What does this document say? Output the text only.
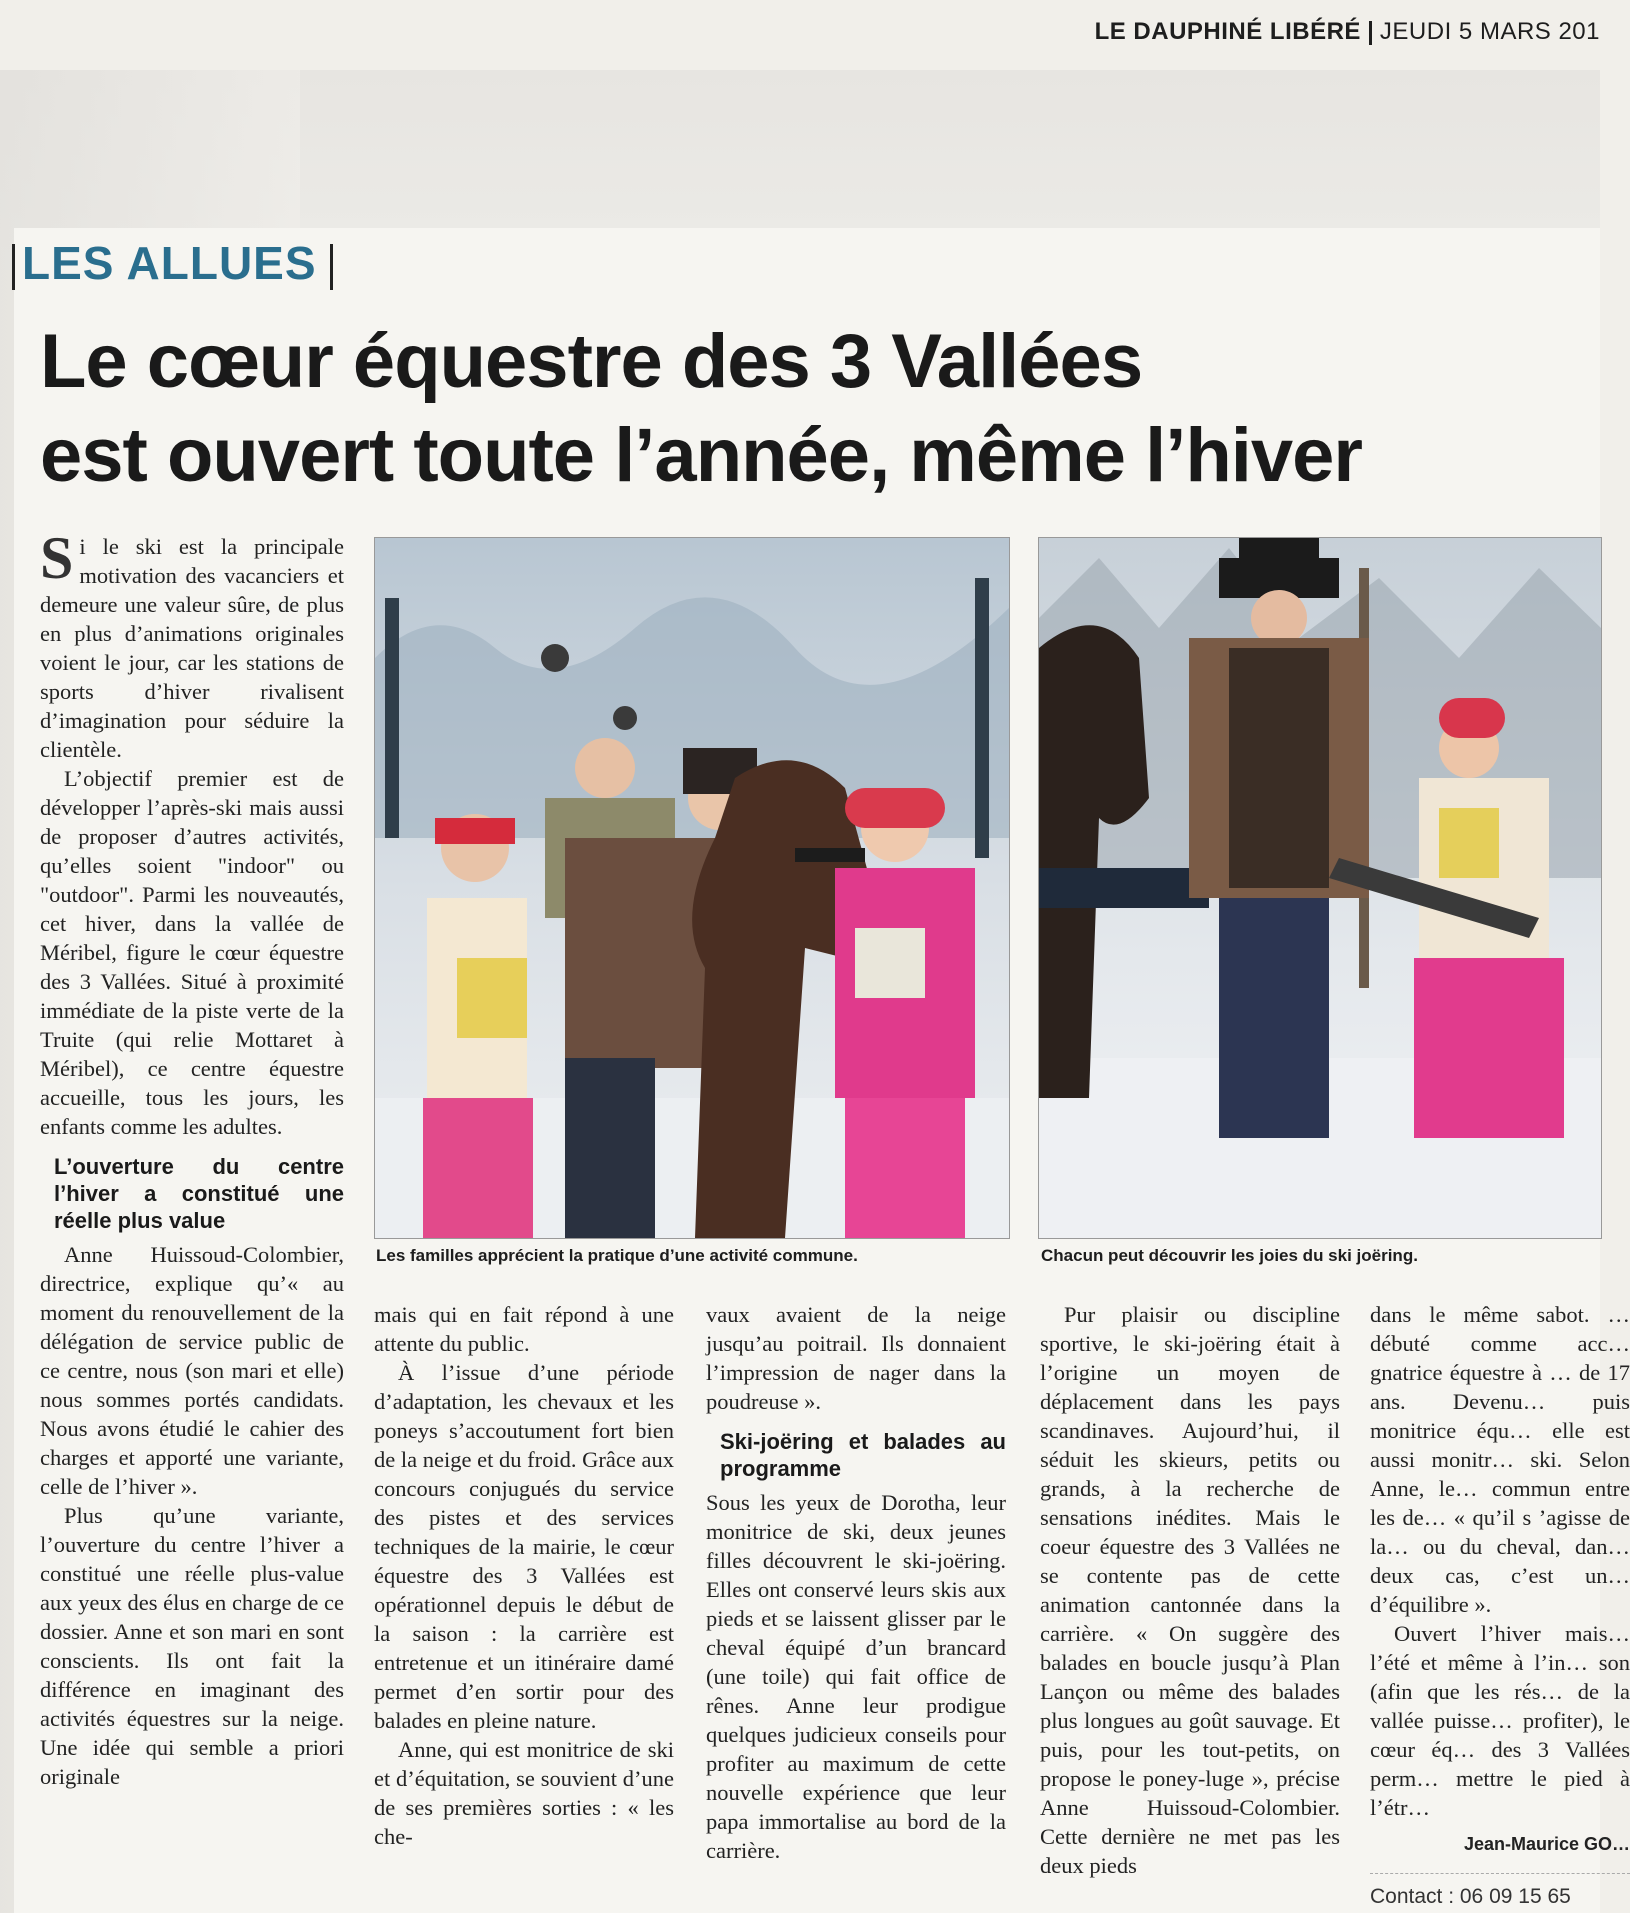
LE DAUPHINÉ LIBÉRÉ JEUDI 5 MARS 201
LES ALLUES
Le cœur équestre des 3 Vallées
est ouvert toute l’année, même l’hiver

Si le ski est la principale motivation des vacanciers et demeure une valeur sûre, de plus en plus d’animations originales voient le jour, car les stations de sports d’hiver rivalisent d’imagination pour séduire la clientèle.

L’objectif premier est de développer l’après-ski mais aussi de proposer d’autres activités, qu’elles soient "indoor" ou "outdoor". Parmi les nouveautés, cet hiver, dans la vallée de Méribel, figure le cœur équestre des 3 Vallées. Situé à proximité immédiate de la piste verte de la Truite (qui relie Mottaret à Méribel), ce centre équestre accueille, tous les jours, les enfants comme les adultes.

L’ouverture du centre l’hiver a constitué une réelle plus value

Anne Huissoud-Colombier, directrice, explique qu’« au moment du renouvellement de la délégation de service public de ce centre, nous (son mari et elle) nous sommes portés candidats. Nous avons étudié le cahier des charges et apporté une variante, celle de l’hiver ».

Plus qu’une variante, l’ouverture du centre l’hiver a constitué une réelle plus-value aux yeux des élus en charge de ce dossier. Anne et son mari en sont conscients. Ils ont fait la différence en imaginant des activités équestres sur la neige. Une idée qui semble a priori originale

Les familles apprécient la pratique d’une activité commune.	Chacun peut découvrir les joies du ski joëring.

mais qui en fait répond à une attente du public.

À l’issue d’une période d’adaptation, les chevaux et les poneys s’accoutument fort bien de la neige et du froid. Grâce aux concours conjugués du service des pistes et des services techniques de la mairie, le cœur équestre des 3 Vallées est opérationnel depuis le début de la saison : la carrière est entretenue et un itinéraire damé permet d’en sortir pour des balades en pleine nature.

Anne, qui est monitrice de ski et d’équitation, se souvient d’une de ses premières sorties : « les che-

vaux avaient de la neige jusqu’au poitrail. Ils donnaient l’impression de nager dans la poudreuse ».

Ski-joëring et balades au programme

Sous les yeux de Dorotha, leur monitrice de ski, deux jeunes filles découvrent le ski-joëring. Elles ont conservé leurs skis aux pieds et se laissent glisser par le cheval équipé d’un brancard (une toile) qui fait office de rênes. Anne leur prodigue quelques judicieux conseils pour profiter au maximum de cette nouvelle expérience que leur papa immortalise au bord de la carrière.

Pur plaisir ou discipline sportive, le ski-joëring était à l’origine un moyen de déplacement dans les pays scandinaves. Aujourd’hui, il séduit les skieurs, petits ou grands, à la recherche de sensations inédites. Mais le coeur équestre des 3 Vallées ne se contente pas de cette animation cantonnée dans la carrière. « On suggère des balades en boucle jusqu’à Plan Lançon ou même des balades plus longues au goût sauvage. Et puis, pour les tout-petits, on propose le poney-luge », précise Anne Huissoud-Colombier. Cette dernière ne met pas les deux pieds

dans le même sabot. … débuté comme acc… gnatrice équestre à … de 17 ans. Devenu… puis monitrice équ… elle est aussi monitr… ski. Selon Anne, le… commun entre les de… « qu’il s ’agisse de la… ou du cheval, dan… deux cas, c’est un… d’équilibre ».

Ouvert l’hiver mais… l’été et même à l’in… son (afin que les rés… de la vallée puisse… profiter), le cœur éq… des 3 Vallées perm… mettre le pied à l’étr…

Jean-Maurice GO…
Contact : 06 09 15 65
